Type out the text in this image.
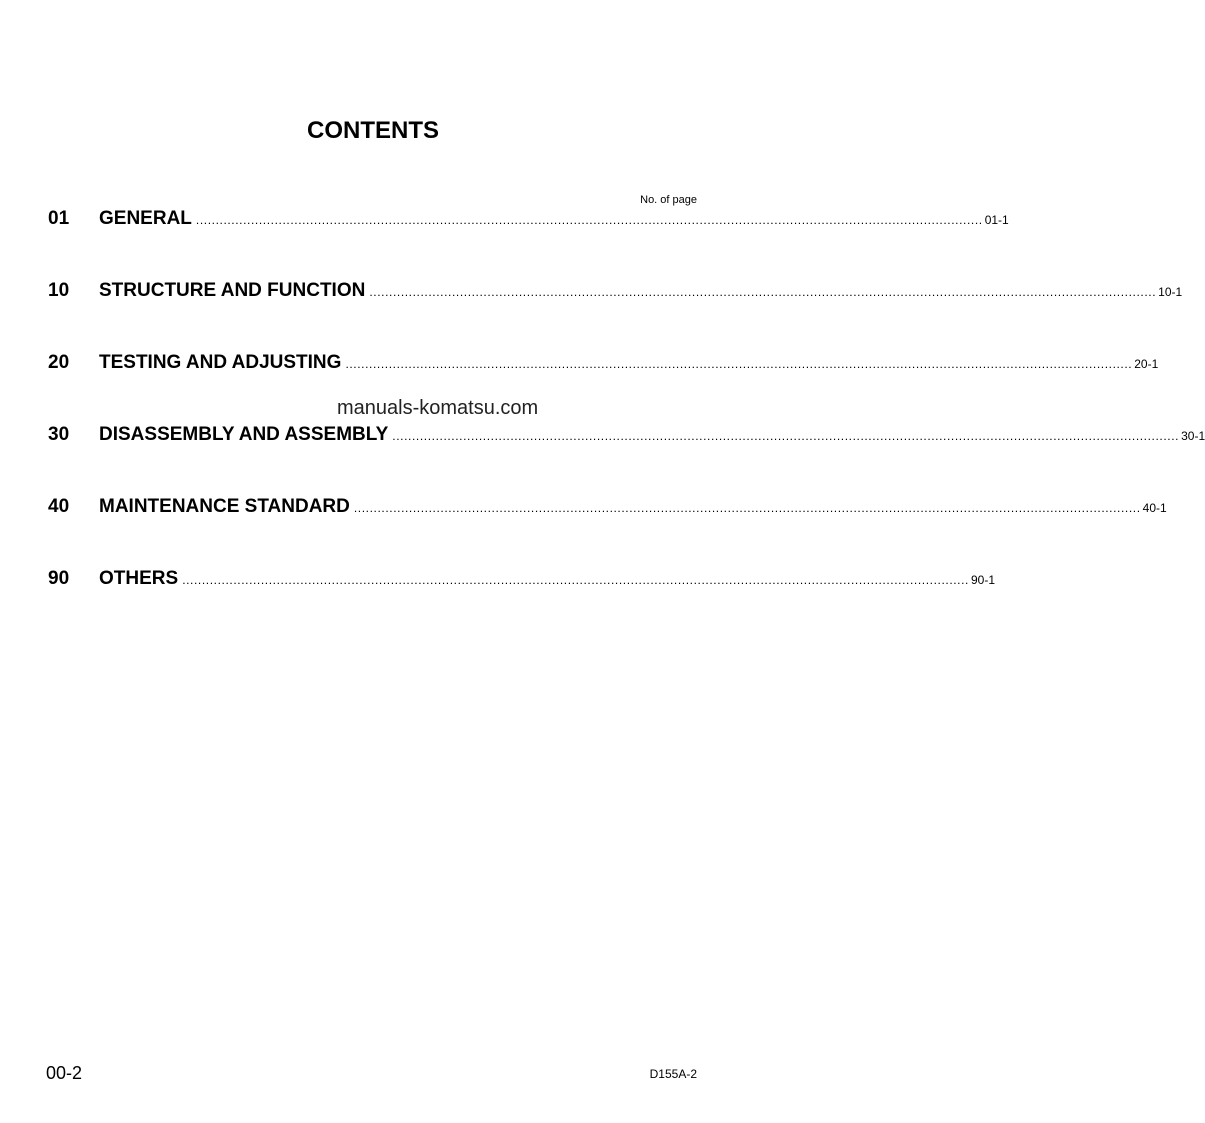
CONTENTS
No. of page
01	GENERAL ........................................................................................................................................................................................................ 01-1
10	STRUCTURE AND FUNCTION ........................................................................................................................................................................................................ 10-1
20	TESTING AND ADJUSTING ........................................................................................................................................................................................................ 20-1
30	DISASSEMBLY AND ASSEMBLY ........................................................................................................................................................................................................ 30-1
40	MAINTENANCE STANDARD ........................................................................................................................................................................................................ 40-1
90	OTHERS ........................................................................................................................................................................................................ 90-1
manuals-komatsu.com
00-2	D155A-2
